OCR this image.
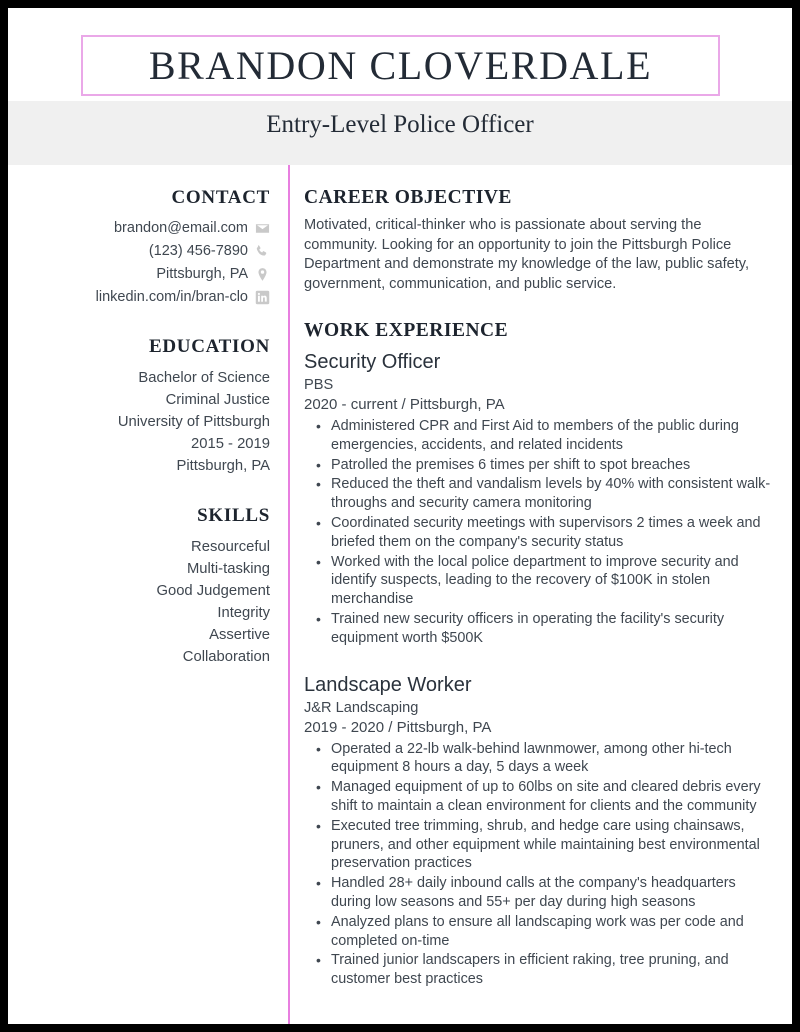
BRANDON CLOVERDALE
Entry-Level Police Officer
CONTACT
brandon@email.com
(123) 456-7890
Pittsburgh, PA
linkedin.com/in/bran-clo
EDUCATION
Bachelor of Science
Criminal Justice
University of Pittsburgh
2015 - 2019
Pittsburgh, PA
SKILLS
Resourceful
Multi-tasking
Good Judgement
Integrity
Assertive
Collaboration
CAREER OBJECTIVE
Motivated, critical-thinker who is passionate about serving the community. Looking for an opportunity to join the Pittsburgh Police Department and demonstrate my knowledge of the law, public safety, government, communication, and public service.
WORK EXPERIENCE
Security Officer
PBS
2020 - current / Pittsburgh, PA
• Administered CPR and First Aid to members of the public during emergencies, accidents, and related incidents
• Patrolled the premises 6 times per shift to spot breaches
• Reduced the theft and vandalism levels by 40% with consistent walk-throughs and security camera monitoring
• Coordinated security meetings with supervisors 2 times a week and briefed them on the company's security status
• Worked with the local police department to improve security and identify suspects, leading to the recovery of $100K in stolen merchandise
• Trained new security officers in operating the facility's security equipment worth $500K
Landscape Worker
J&R Landscaping
2019 - 2020 / Pittsburgh, PA
• Operated a 22-lb walk-behind lawnmower, among other hi-tech equipment 8 hours a day, 5 days a week
• Managed equipment of up to 60lbs on site and cleared debris every shift to maintain a clean environment for clients and the community
• Executed tree trimming, shrub, and hedge care using chainsaws, pruners, and other equipment while maintaining best environmental preservation practices
• Handled 28+ daily inbound calls at the company's headquarters during low seasons and 55+ per day during high seasons
• Analyzed plans to ensure all landscaping work was per code and completed on-time
• Trained junior landscapers in efficient raking, tree pruning, and customer best practices
